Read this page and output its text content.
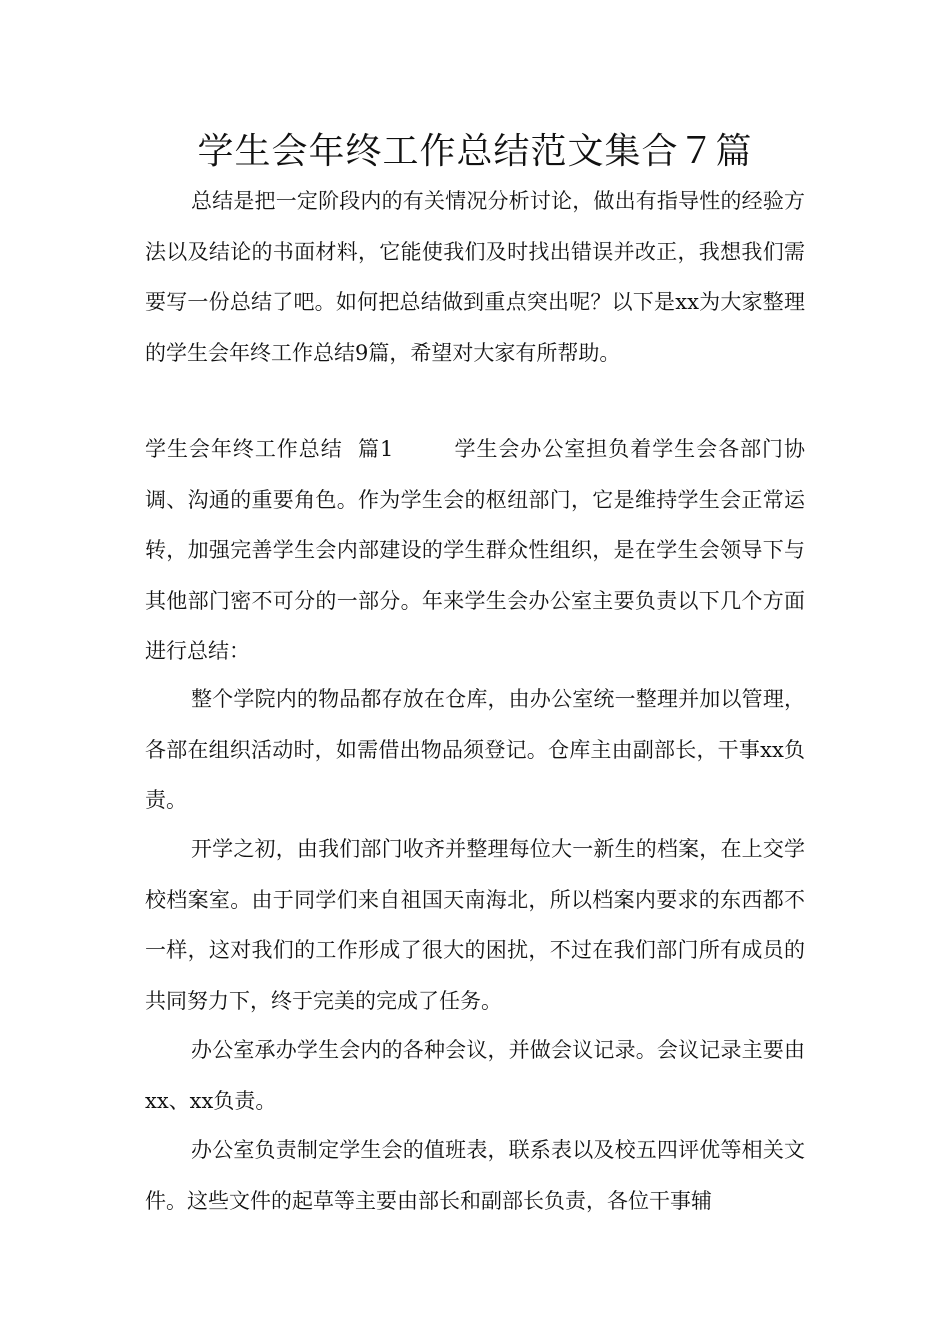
学生会年终工作总结范文集合７篇

总结是把一定阶段内的有关情况分析讨论，做出有指导性的经验方法以及结论的书面材料，它能使我们及时找出错误并改正，我想我们需要写一份总结了吧。如何把总结做到重点突出呢？以下是xx为大家整理的学生会年终工作总结9篇，希望对大家有所帮助。

学生会年终工作总结  篇1	学生会办公室担负着学生会各部门协调、沟通的重要角色。作为学生会的枢纽部门，它是维持学生会正常运转，加强完善学生会内部建设的学生群众性组织，是在学生会领导下与其他部门密不可分的一部分。年来学生会办公室主要负责以下几个方面进行总结：

整个学院内的物品都存放在仓库，由办公室统一整理并加以管理，各部在组织活动时，如需借出物品须登记。仓库主由副部长，干事xx负责。

开学之初，由我们部门收齐并整理每位大一新生的档案，在上交学校档案室。由于同学们来自祖国天南海北，所以档案内要求的东西都不一样，这对我们的工作形成了很大的困扰，不过在我们部门所有成员的共同努力下，终于完美的完成了任务。

办公室承办学生会内的各种会议，并做会议记录。会议记录主要由xx、xx负责。

办公室负责制定学生会的值班表，联系表以及校五四评优等相关文件。这些文件的起草等主要由部长和副部长负责，各位干事辅
